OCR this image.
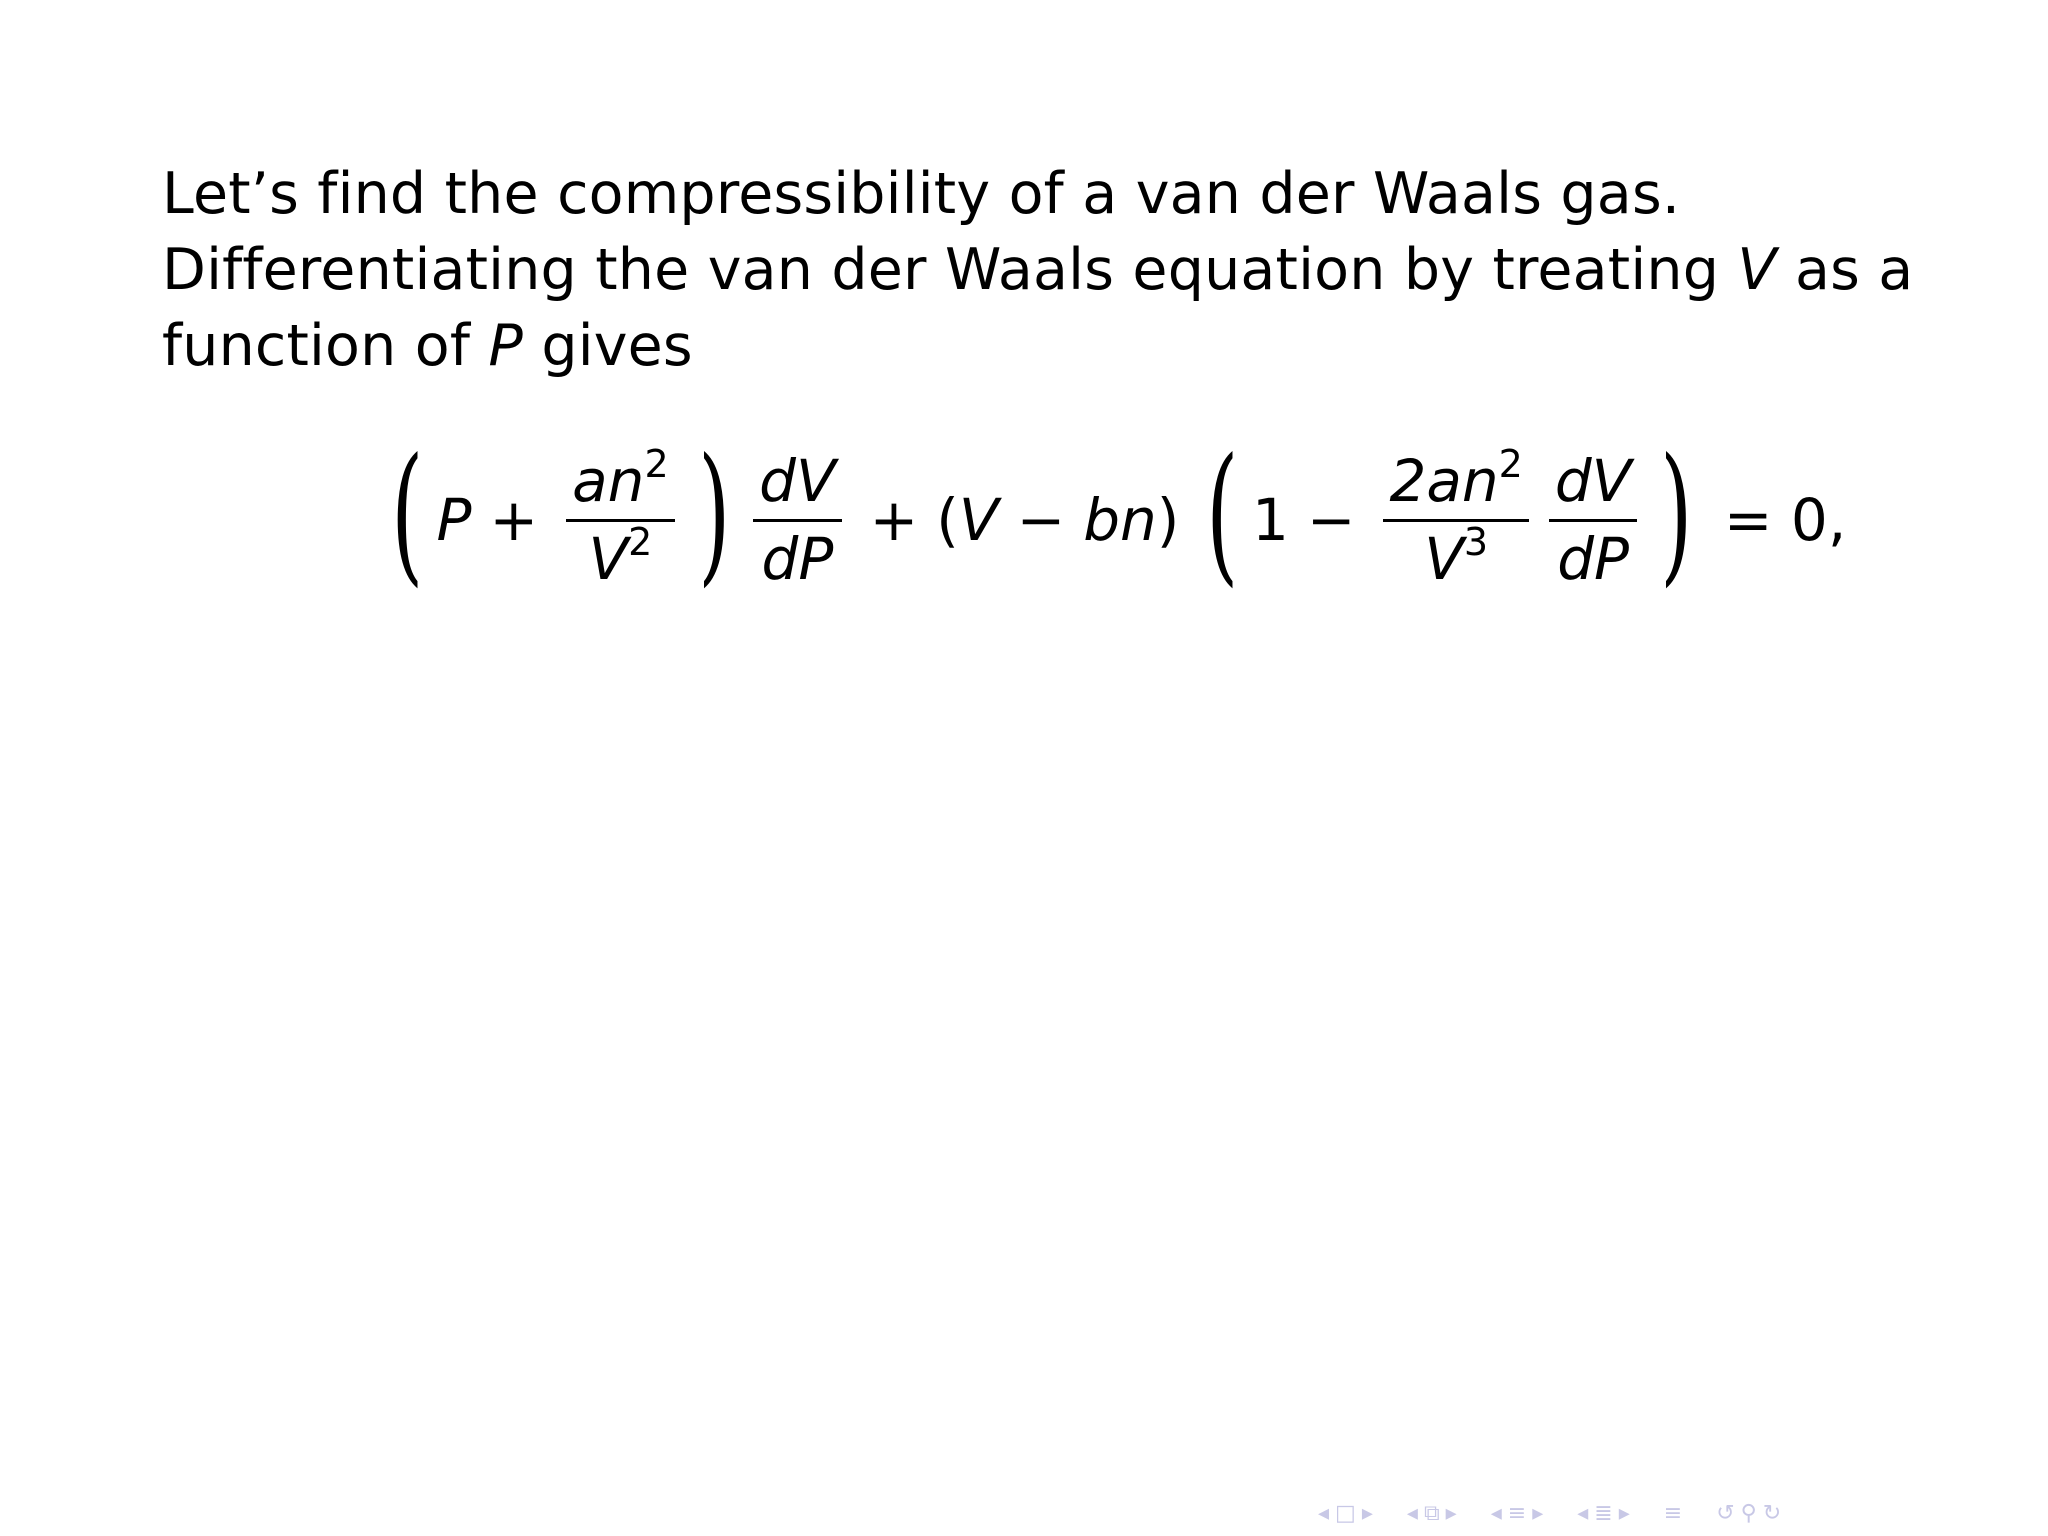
Let’s find the compressibility of a van der Waals gas.
Differentiating the van der Waals equation by treating V as a
function of P gives
( $P + \frac{an^2}{V^2}$ ) $\frac{dV}{dP}$ + ( V − bn ) ( $1 - \frac{2an^2}{V^3} \frac{dV}{dP}$ ) = 0,
◂ □ ▸ ◂ ⧉ ▸ ◂ ≡ ▸ ◂ ≣ ▸ ≡ ↺ ⚲ ↻
